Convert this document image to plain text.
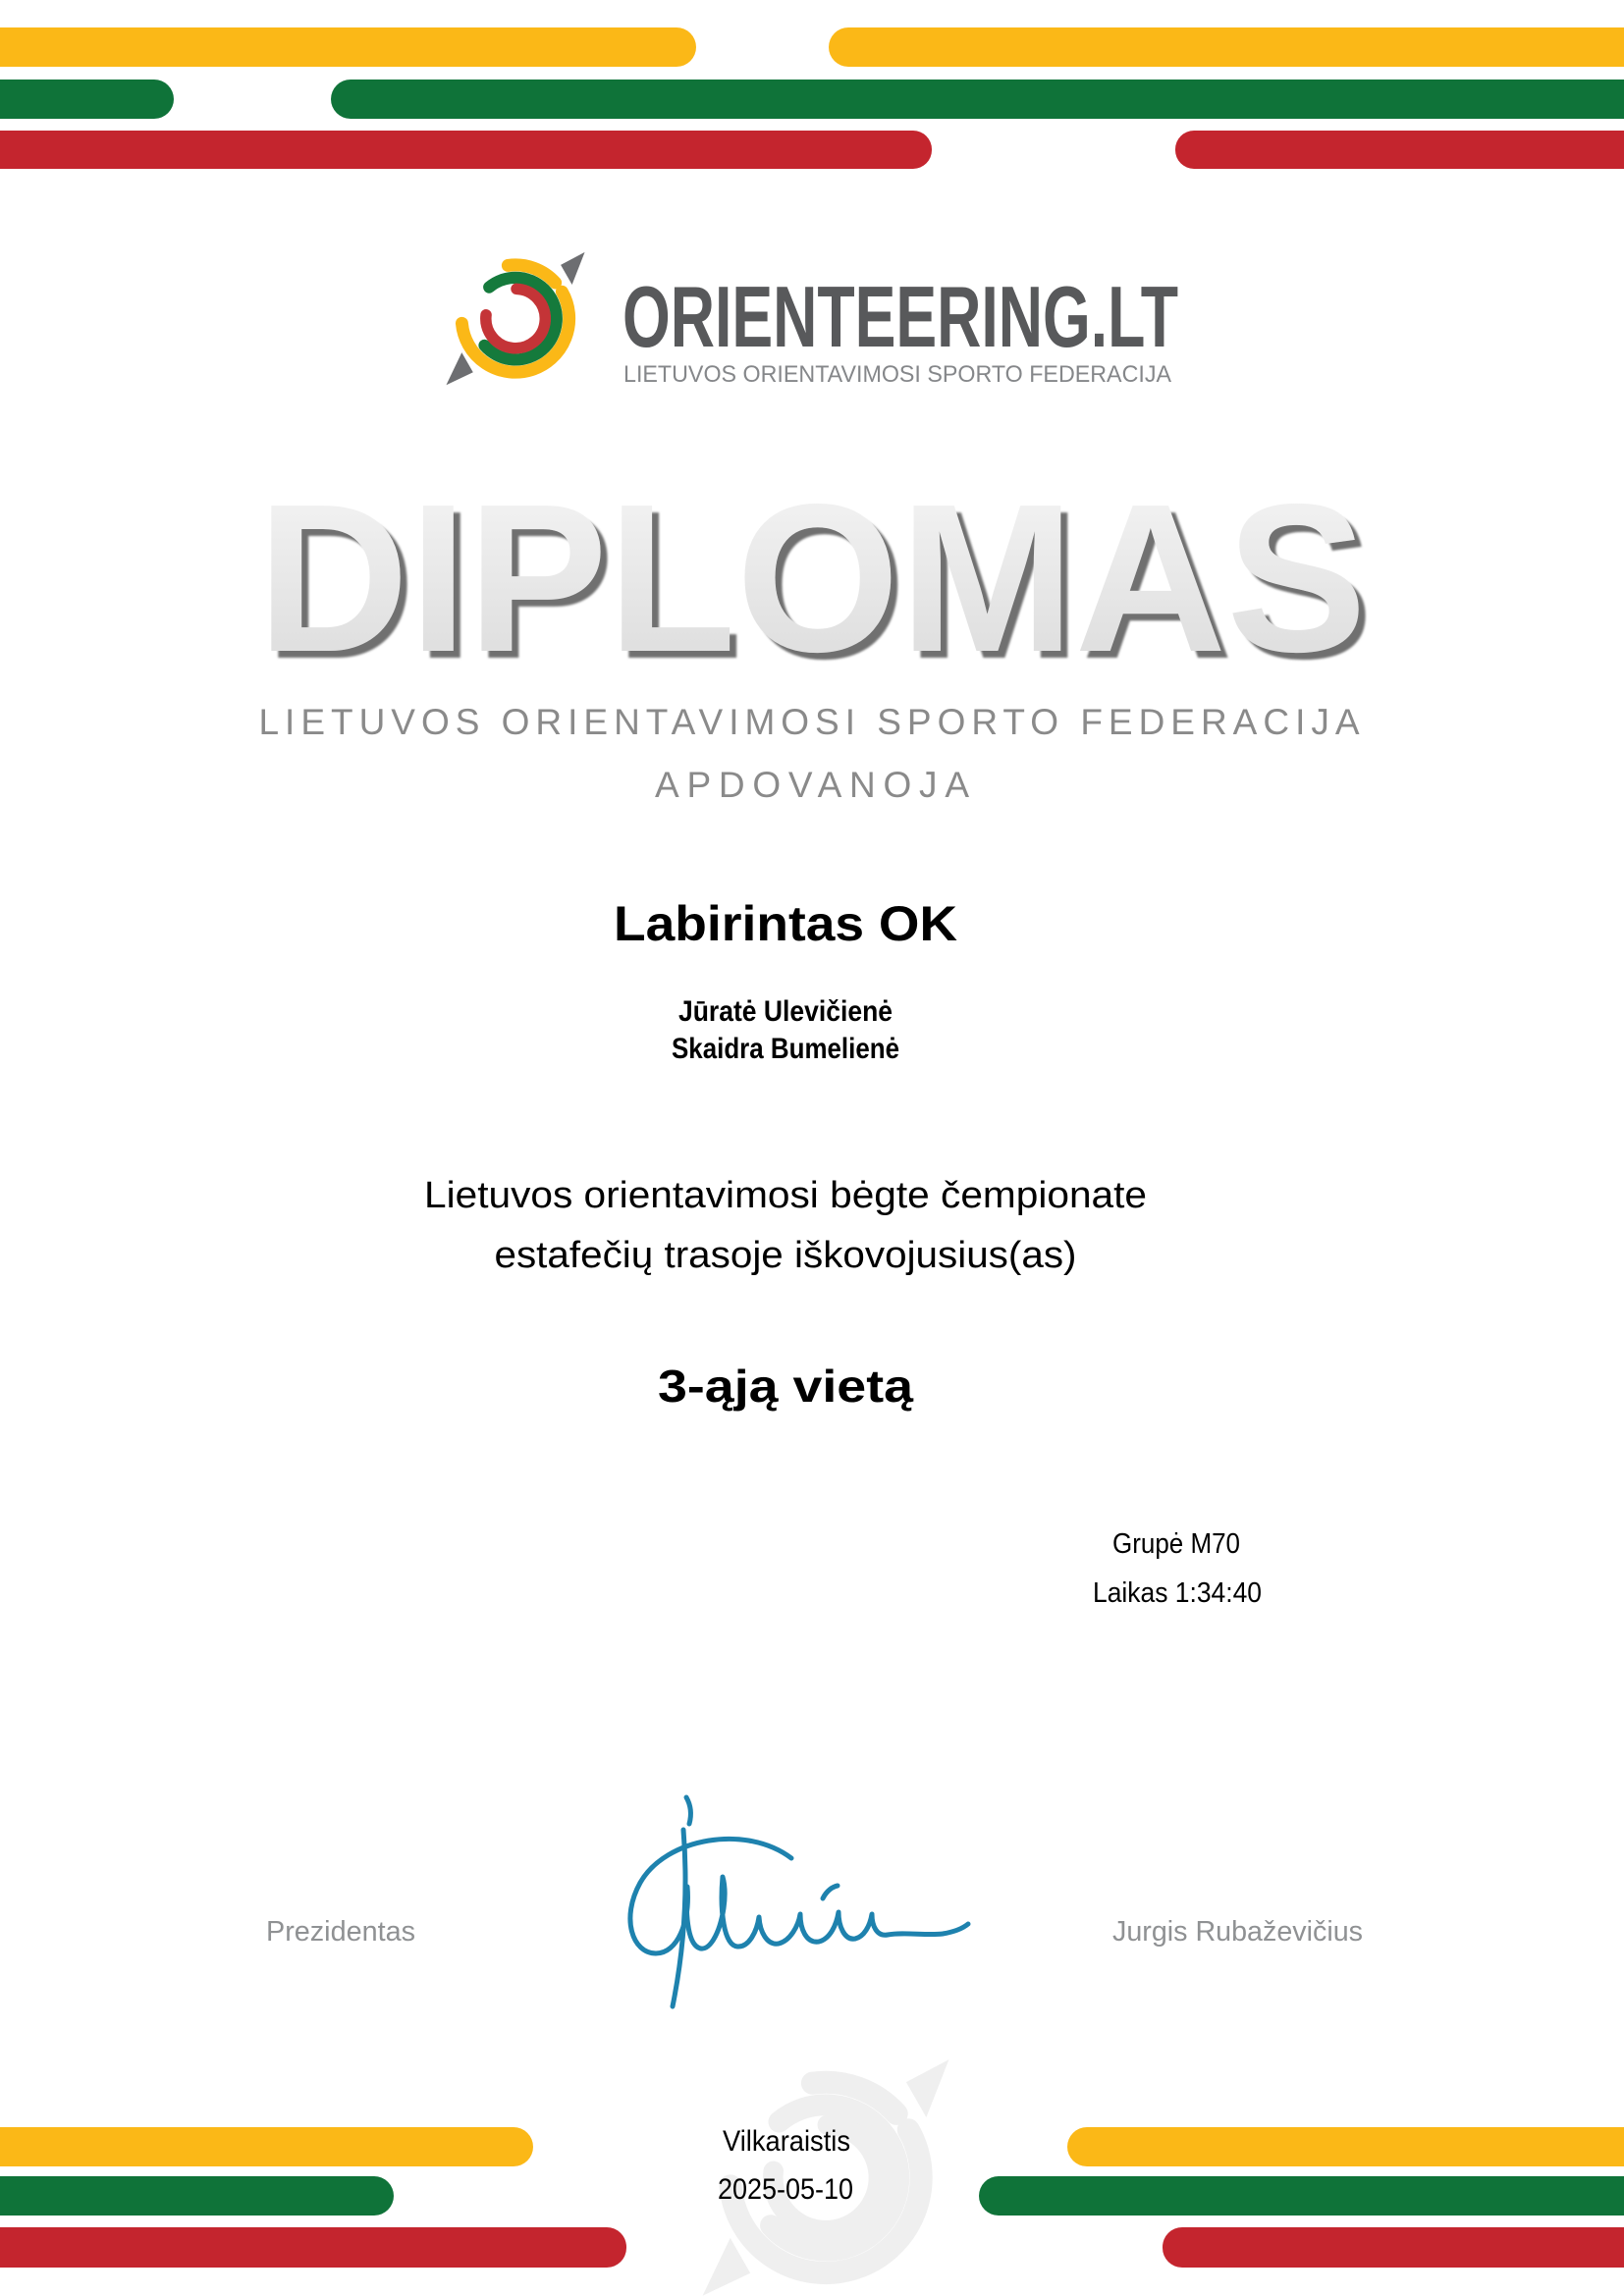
ORIENTEERING.LT
LIETUVOS ORIENTAVIMOSI SPORTO FEDERACIJA
DIPLOMAS
LIETUVOS ORIENTAVIMOSI SPORTO FEDERACIJA
APDOVANOJA
Labirintas OK
Jūratė Ulevičienė
Skaidra Bumelienė
Lietuvos orientavimosi bėgte čempionate
estafečių trasoje iškovojusius(as)
3-ąją vietą
Grupė M70
Laikas 1:34:40
Prezidentas	Jurgis Rubaževičius
Vilkaraistis
2025-05-10
